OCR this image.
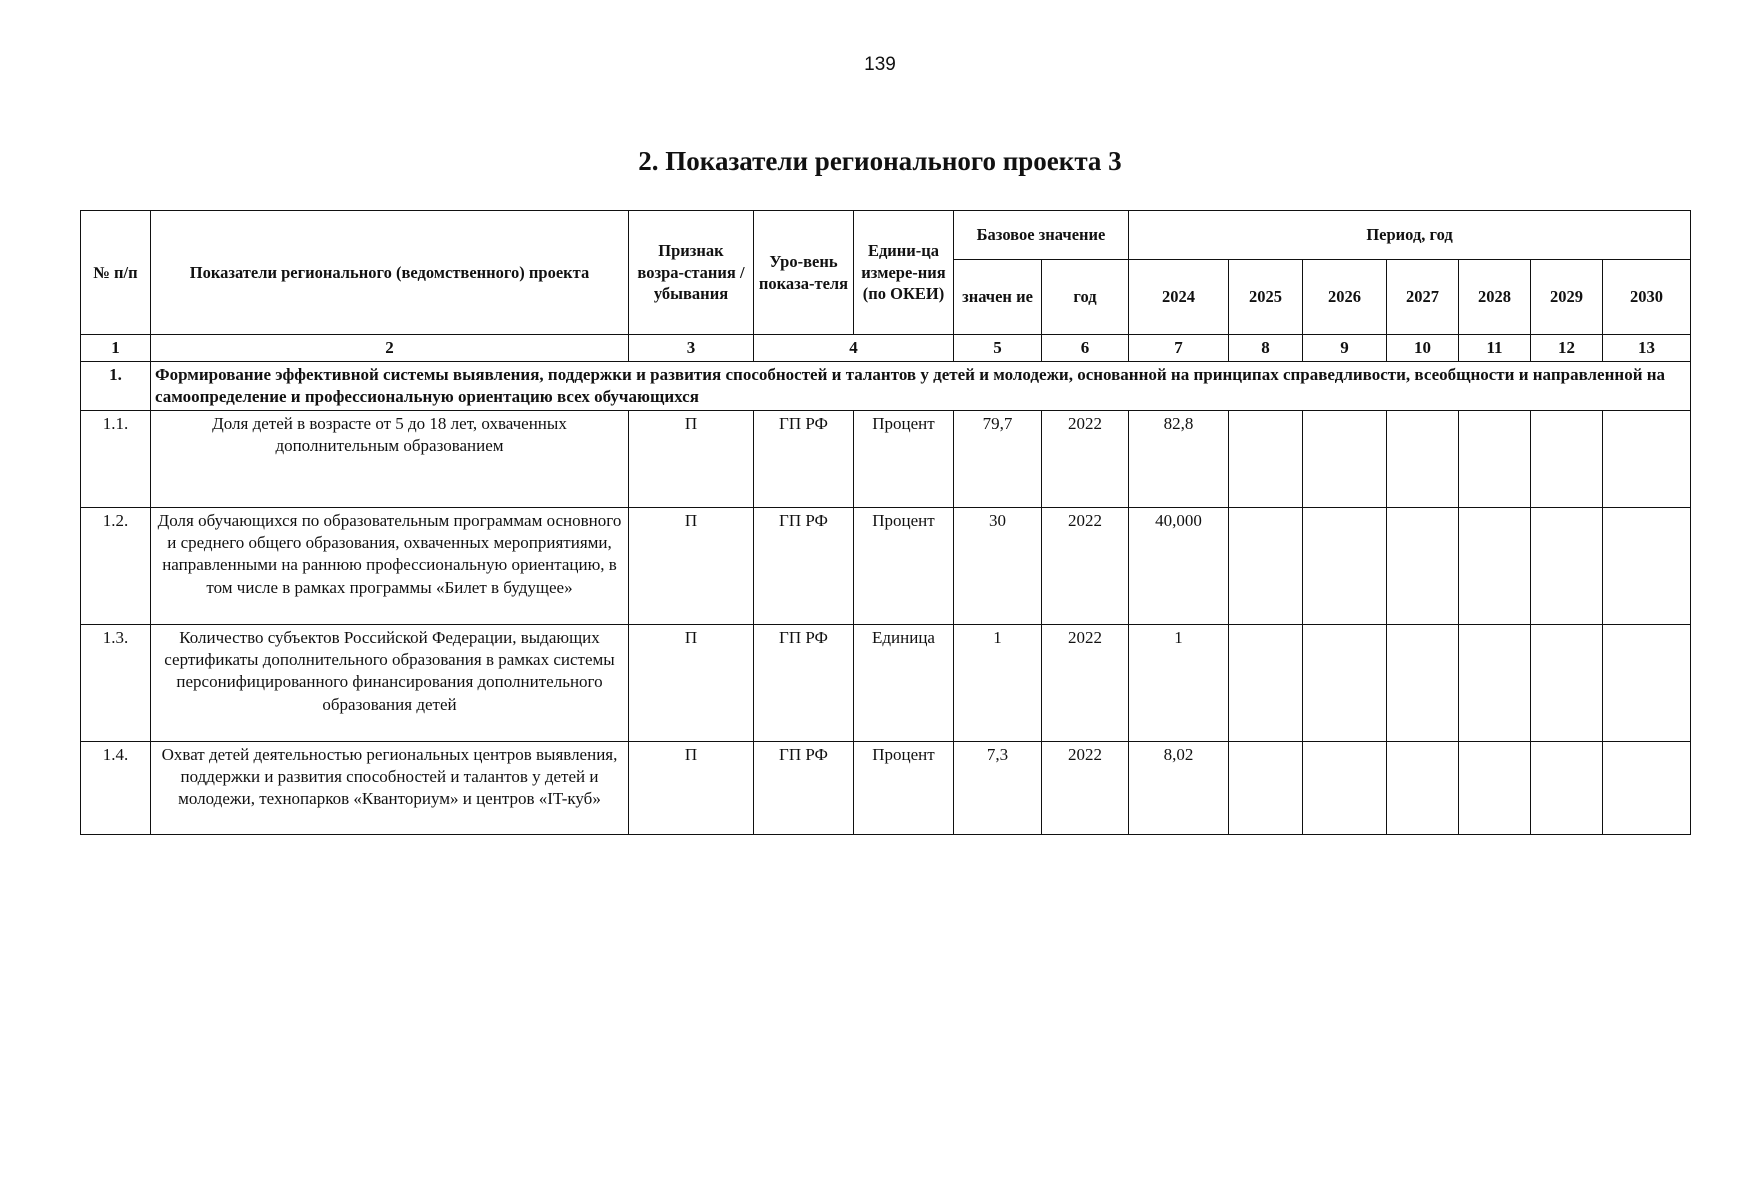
139
2. Показатели регионального проекта 3
№ п/п	Показатели регионального (ведомственного) проекта	Признак возра-стания / убывания	Уро-вень показа-теля	Едини-ца измере-ния (по ОКЕИ)	Базовое значение		Период, год						
					значен ие	год	2024	2025	2026	2027	2028	2029	2030
1	2	3	4		5	6	7	8	9	10	11	12	13
1.	Формирование эффективной системы выявления, поддержки и развития способностей и талантов у детей и молодежи, основанной на принципах справедливости, всеобщности и направленной на самоопределение и профессиональную ориентацию всех обучающихся												
1.1.	Доля детей в возрасте от 5 до 18 лет, охваченных дополнительным образованием	П	ГП РФ	Процент	79,7	2022	82,8						
1.2.	Доля обучающихся по образовательным программам основного и среднего общего образования, охваченных мероприятиями, направленными на раннюю профессиональную ориентацию, в том числе в рамках программы «Билет в будущее»	П	ГП РФ	Процент	30	2022	40,000						
1.3.	Количество субъектов Российской Федерации, выдающих сертификаты дополнительного образования в рамках системы персонифицированного финансирования дополнительного образования детей	П	ГП РФ	Единица	1	2022	1						
1.4.	Охват детей деятельностью региональных центров выявления, поддержки и развития способностей и талантов у детей и молодежи, технопарков «Кванториум» и центров «IT-куб»	П	ГП РФ	Процент	7,3	2022	8,02						
